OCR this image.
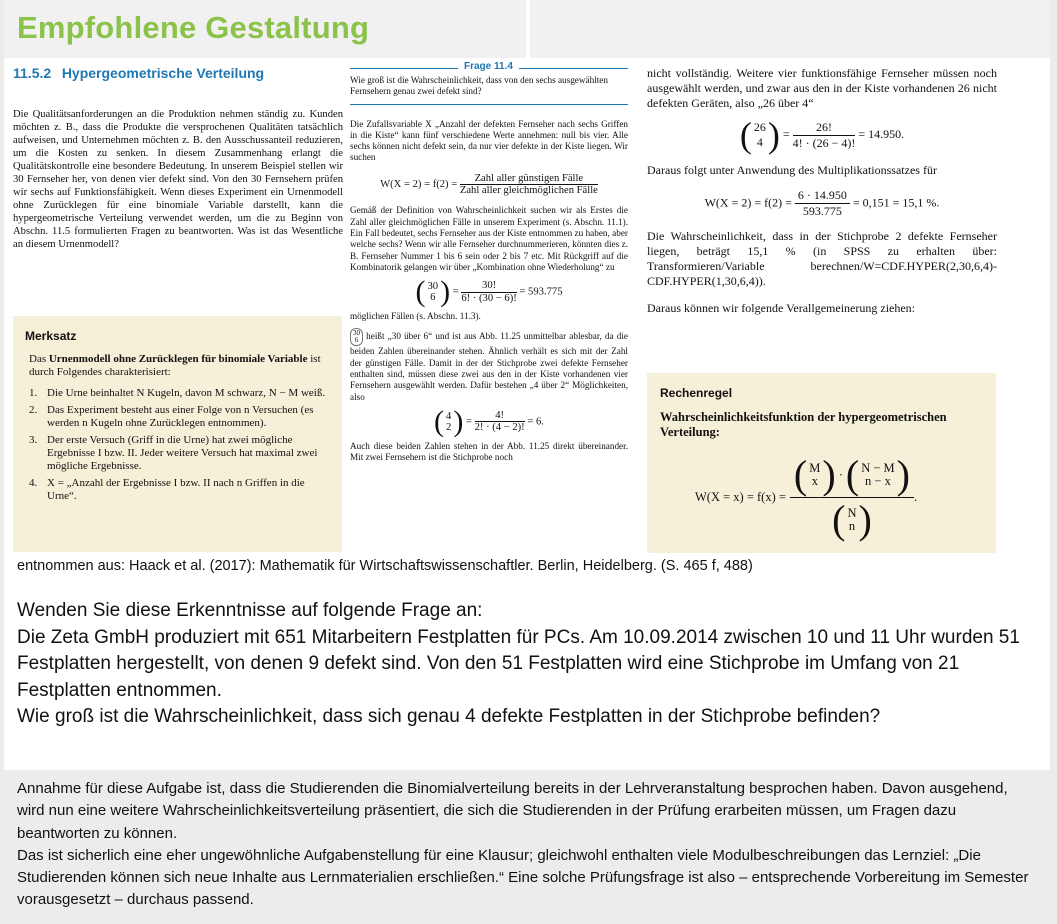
Empfohlene Gestaltung
11.5.2 Hypergeometrische Verteilung
Die Qualitätsanforderungen an die Produktion nehmen ständig zu. Kunden möchten z. B., dass die Produkte die versprochenen Qualitäten tatsächlich aufweisen, und Unternehmen möchten z. B. den Ausschussanteil reduzieren, um die Kosten zu senken. In diesem Zusammenhang erlangt die Qualitätskontrolle eine besondere Bedeutung. In unserem Beispiel stellen wir 30 Fernseher her, von denen vier defekt sind. Von den 30 Fernsehern prüfen wir sechs auf Funktionsfähigkeit. Wenn dieses Experiment ein Urnenmodell ohne Zurücklegen für eine binomiale Variable darstellt, kann die hypergeometrische Verteilung verwendet werden, um die zu Beginn von Abschn. 11.5 formulierten Fragen zu beantworten. Was ist das Wesentliche an diesem Urnenmodell?
Merksatz
Das Urnenmodell ohne Zurücklegen für binomiale Variable ist durch Folgendes charakterisiert:
1. Die Urne beinhaltet N Kugeln, davon M schwarz, N − M weiß.
2. Das Experiment besteht aus einer Folge von n Versuchen (es werden n Kugeln ohne Zurücklegen entnommen).
3. Der erste Versuch (Griff in die Urne) hat zwei mögliche Ergebnisse I bzw. II. Jeder weitere Versuch hat maximal zwei mögliche Ergebnisse.
4. X = „Anzahl der Ergebnisse I bzw. II nach n Griffen in die Urne“.
Frage 11.4
Wie groß ist die Wahrscheinlichkeit, dass von den sechs ausgewählten Fernsehern genau zwei defekt sind?
Die Zufallsvariable X „Anzahl der defekten Fernseher nach sechs Griffen in die Kiste“ kann fünf verschiedene Werte annehmen: null bis vier. Alle sechs können nicht defekt sein, da nur vier defekte in der Kiste liegen. Wir suchen
$W(X = 2) = f(2) = \frac{\text{Zahl aller günstigen Fälle}}{\text{Zahl aller gleichmöglichen Fälle}}$
Gemäß der Definition von Wahrscheinlichkeit suchen wir als Erstes die Zahl aller gleichmöglichen Fälle in unserem Experiment (s. Abschn. 11.1). Ein Fall bedeutet, sechs Fernseher aus der Kiste entnommen zu haben, aber welche sechs? Wenn wir alle Fernseher durchnummerieren, könnten dies z. B. Fernseher Nummer 1 bis 6 sein oder 2 bis 7 etc. Mit Rückgriff auf die Kombinatorik gelangen wir über „Kombination ohne Wiederholung“ zu
( 30
6 ) = $\frac{30!}{6! \cdot (30 - 6)!} = 593.775$
möglichen Fällen (s. Abschn. 11.3).
30
6 heißt „30 über 6“ und ist aus Abb. 11.25 unmittelbar ablesbar, da die beiden Zahlen übereinander stehen. Ähnlich verhält es sich mit der Zahl der günstigen Fälle. Damit in der der Stichprobe zwei defekte Fernseher enthalten sind, müssen diese zwei aus den in der Kiste vorhandenen vier Fernsehern ausgewählt werden. Dafür bestehen „4 über 2“ Möglichkeiten, also
( 4
2 ) = $\frac{4!}{2! \cdot (4 - 2)!} = 6$.
Auch diese beiden Zahlen stehen in der Abb. 11.25 direkt übereinander. Mit zwei Fernsehern ist die Stichprobe noch
nicht vollständig. Weitere vier funktionsfähige Fernseher müssen noch ausgewählt werden, und zwar aus den in der Kiste vorhandenen 26 nicht defekten Geräten, also „26 über 4“
( 26
4 ) = $\frac{26!}{4! \cdot (26 - 4)!} = 14.950$.
Daraus folgt unter Anwendung des Multiplikationssatzes für
$W(X = 2) = f(2) = \frac{6 \cdot 14.950}{593.775} = 0,151 = 15,1$ %.
Die Wahrscheinlichkeit, dass in der Stichprobe 2 defekte Fernseher liegen, beträgt 15,1 % (in SPSS zu erhalten über: Transformieren/Variable berechnen/W=CDF.HYPER(2,30,6,4)-CDF.HYPER(1,30,6,4)).
Daraus können wir folgende Verallgemeinerung ziehen:
Rechenregel
Wahrscheinlichkeitsfunktion der hypergeometrischen Verteilung:
W(X = x) = f(x) = ( M
x ) · ( N − M
n − x )
( N
n ) .
entnommen aus: Haack et al. (2017): Mathematik für Wirtschaftswissenschaftler. Berlin, Heidelberg. (S. 465 f, 488)

Wenden Sie diese Erkenntnisse auf folgende Frage an:

Die Zeta GmbH produziert mit 651 Mitarbeitern Festplatten für PCs. Am 10.09.2014 zwischen 10 und 11 Uhr wurden 51 Festplatten hergestellt, von denen 9 defekt sind. Von den 51 Festplatten wird eine Stichprobe im Umfang von 21 Festplatten entnommen.

Wie groß ist die Wahrscheinlichkeit, dass sich genau 4 defekte Festplatten in der Stichprobe befinden?

Annahme für diese Aufgabe ist, dass die Studierenden die Binomialverteilung bereits in der Lehrveranstaltung besprochen haben. Davon ausgehend, wird nun eine weitere Wahrscheinlichkeitsverteilung präsentiert, die sich die Studierenden in der Prüfung erarbeiten müssen, um Fragen dazu beantworten zu können.

Das ist sicherlich eine eher ungewöhnliche Aufgabenstellung für eine Klausur; gleichwohl enthalten viele Modulbeschreibungen das Lernziel: „Die Studierenden können sich neue Inhalte aus Lernmaterialien erschließen.“ Eine solche Prüfungsfrage ist also – entsprechende Vorbereitung im Semester vorausgesetzt – durchaus passend.
